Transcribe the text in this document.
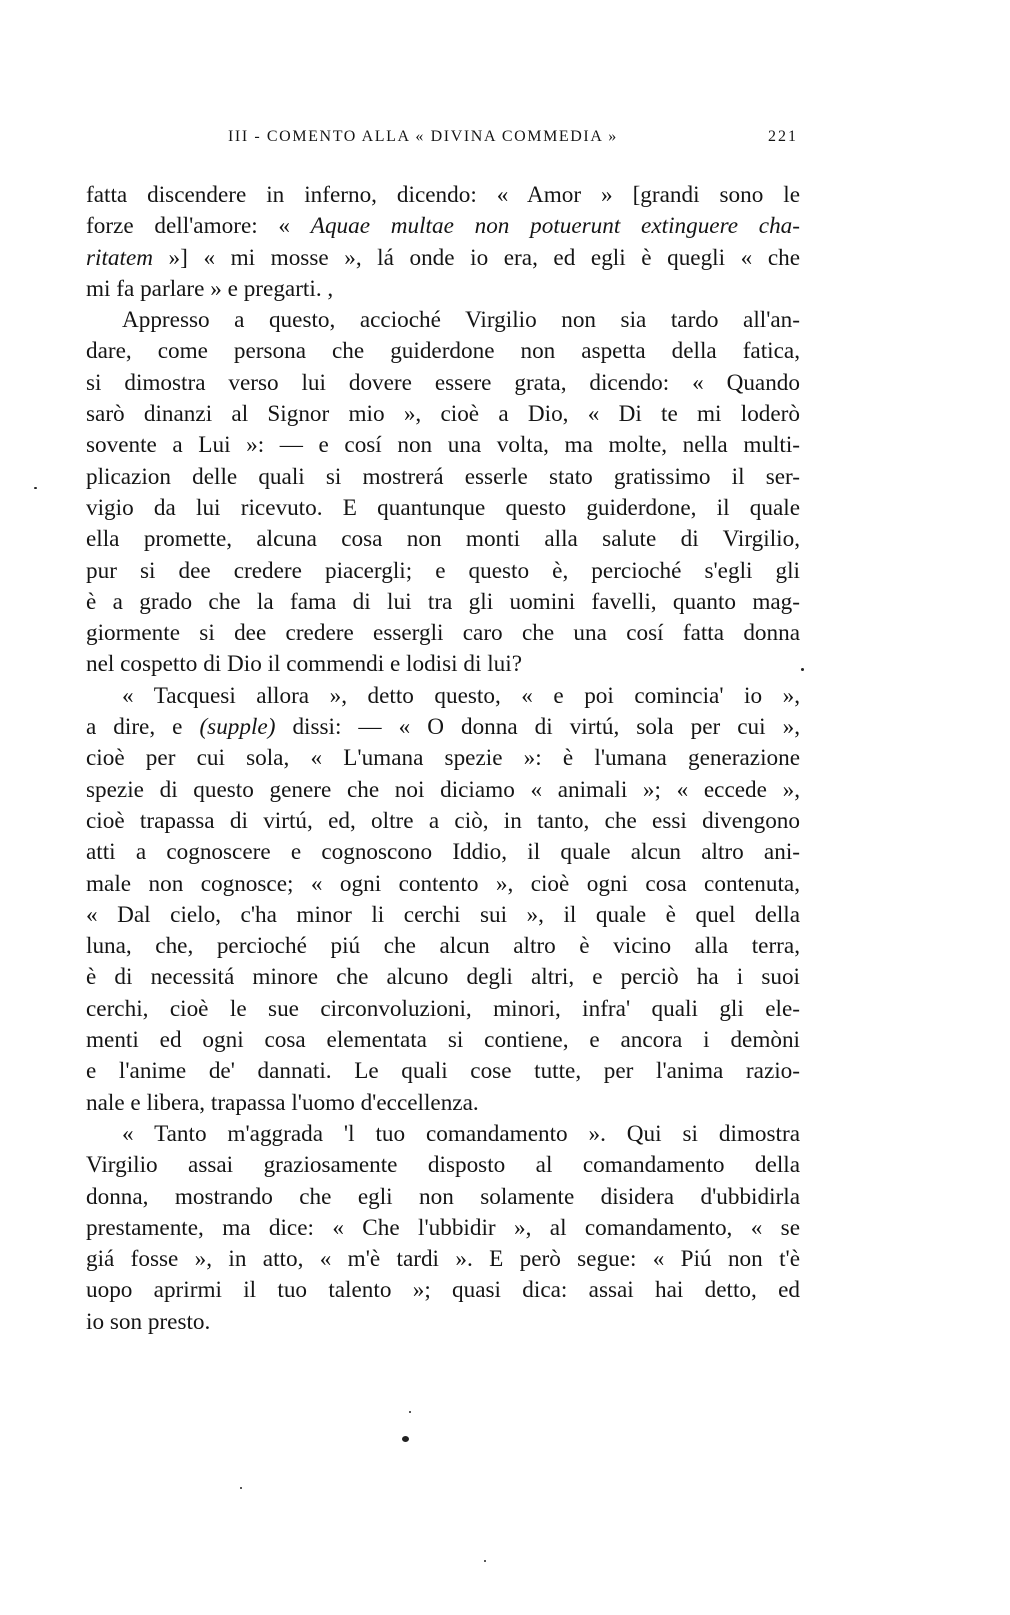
III - COMENTO ALLA « DIVINA COMMEDIA »	221
fatta discendere in inferno, dicendo: « Amor » [grandi sono le
forze dell'amore: « Aquae multae non potuerunt extinguere cha-
ritatem »] « mi mosse », lá onde io era, ed egli è quegli « che
mi fa parlare » e pregarti. ,
Appresso a questo, accioché Virgilio non sia tardo all'an-
dare, come persona che guiderdone non aspetta della fatica,
si dimostra verso lui dovere essere grata, dicendo: « Quando
sarò dinanzi al Signor mio », cioè a Dio, « Di te mi loderò
sovente a Lui »: — e cosí non una volta, ma molte, nella multi-
plicazion delle quali si mostrerá esserle stato gratissimo il ser-
vigio da lui ricevuto. E quantunque questo guiderdone, il quale
ella promette, alcuna cosa non monti alla salute di Virgilio,
pur si dee credere piacergli; e questo è, percioché s'egli gli
è a grado che la fama di lui tra gli uomini favelli, quanto mag-
giormente si dee credere essergli caro che una cosí fatta donna
nel cospetto di Dio il commendi e lodisi di lui?
« Tacquesi allora », detto questo, « e poi comincia' io »,
a dire, e (supple) dissi: — « O donna di virtú, sola per cui »,
cioè per cui sola, « L'umana spezie »: è l'umana generazione
spezie di questo genere che noi diciamo « animali »; « eccede »,
cioè trapassa di virtú, ed, oltre a ciò, in tanto, che essi divengono
atti a cognoscere e cognoscono Iddio, il quale alcun altro ani-
male non cognosce; « ogni contento », cioè ogni cosa contenuta,
« Dal cielo, c'ha minor li cerchi sui », il quale è quel della
luna, che, percioché piú che alcun altro è vicino alla terra,
è di necessitá minore che alcuno degli altri, e perciò ha i suoi
cerchi, cioè le sue circonvoluzioni, minori, infra' quali gli ele-
menti ed ogni cosa elementata si contiene, e ancora i demòni
e l'anime de' dannati. Le quali cose tutte, per l'anima razio-
nale e libera, trapassa l'uomo d'eccellenza.
« Tanto m'aggrada 'l tuo comandamento ». Qui si dimostra
Virgilio assai graziosamente disposto al comandamento della
donna, mostrando che egli non solamente disidera d'ubbidirla
prestamente, ma dice: « Che l'ubbidir », al comandamento, « se
giá fosse », in atto, « m'è tardi ». E però segue: « Piú non t'è
uopo aprirmi il tuo talento »; quasi dica: assai hai detto, ed
io son presto.
